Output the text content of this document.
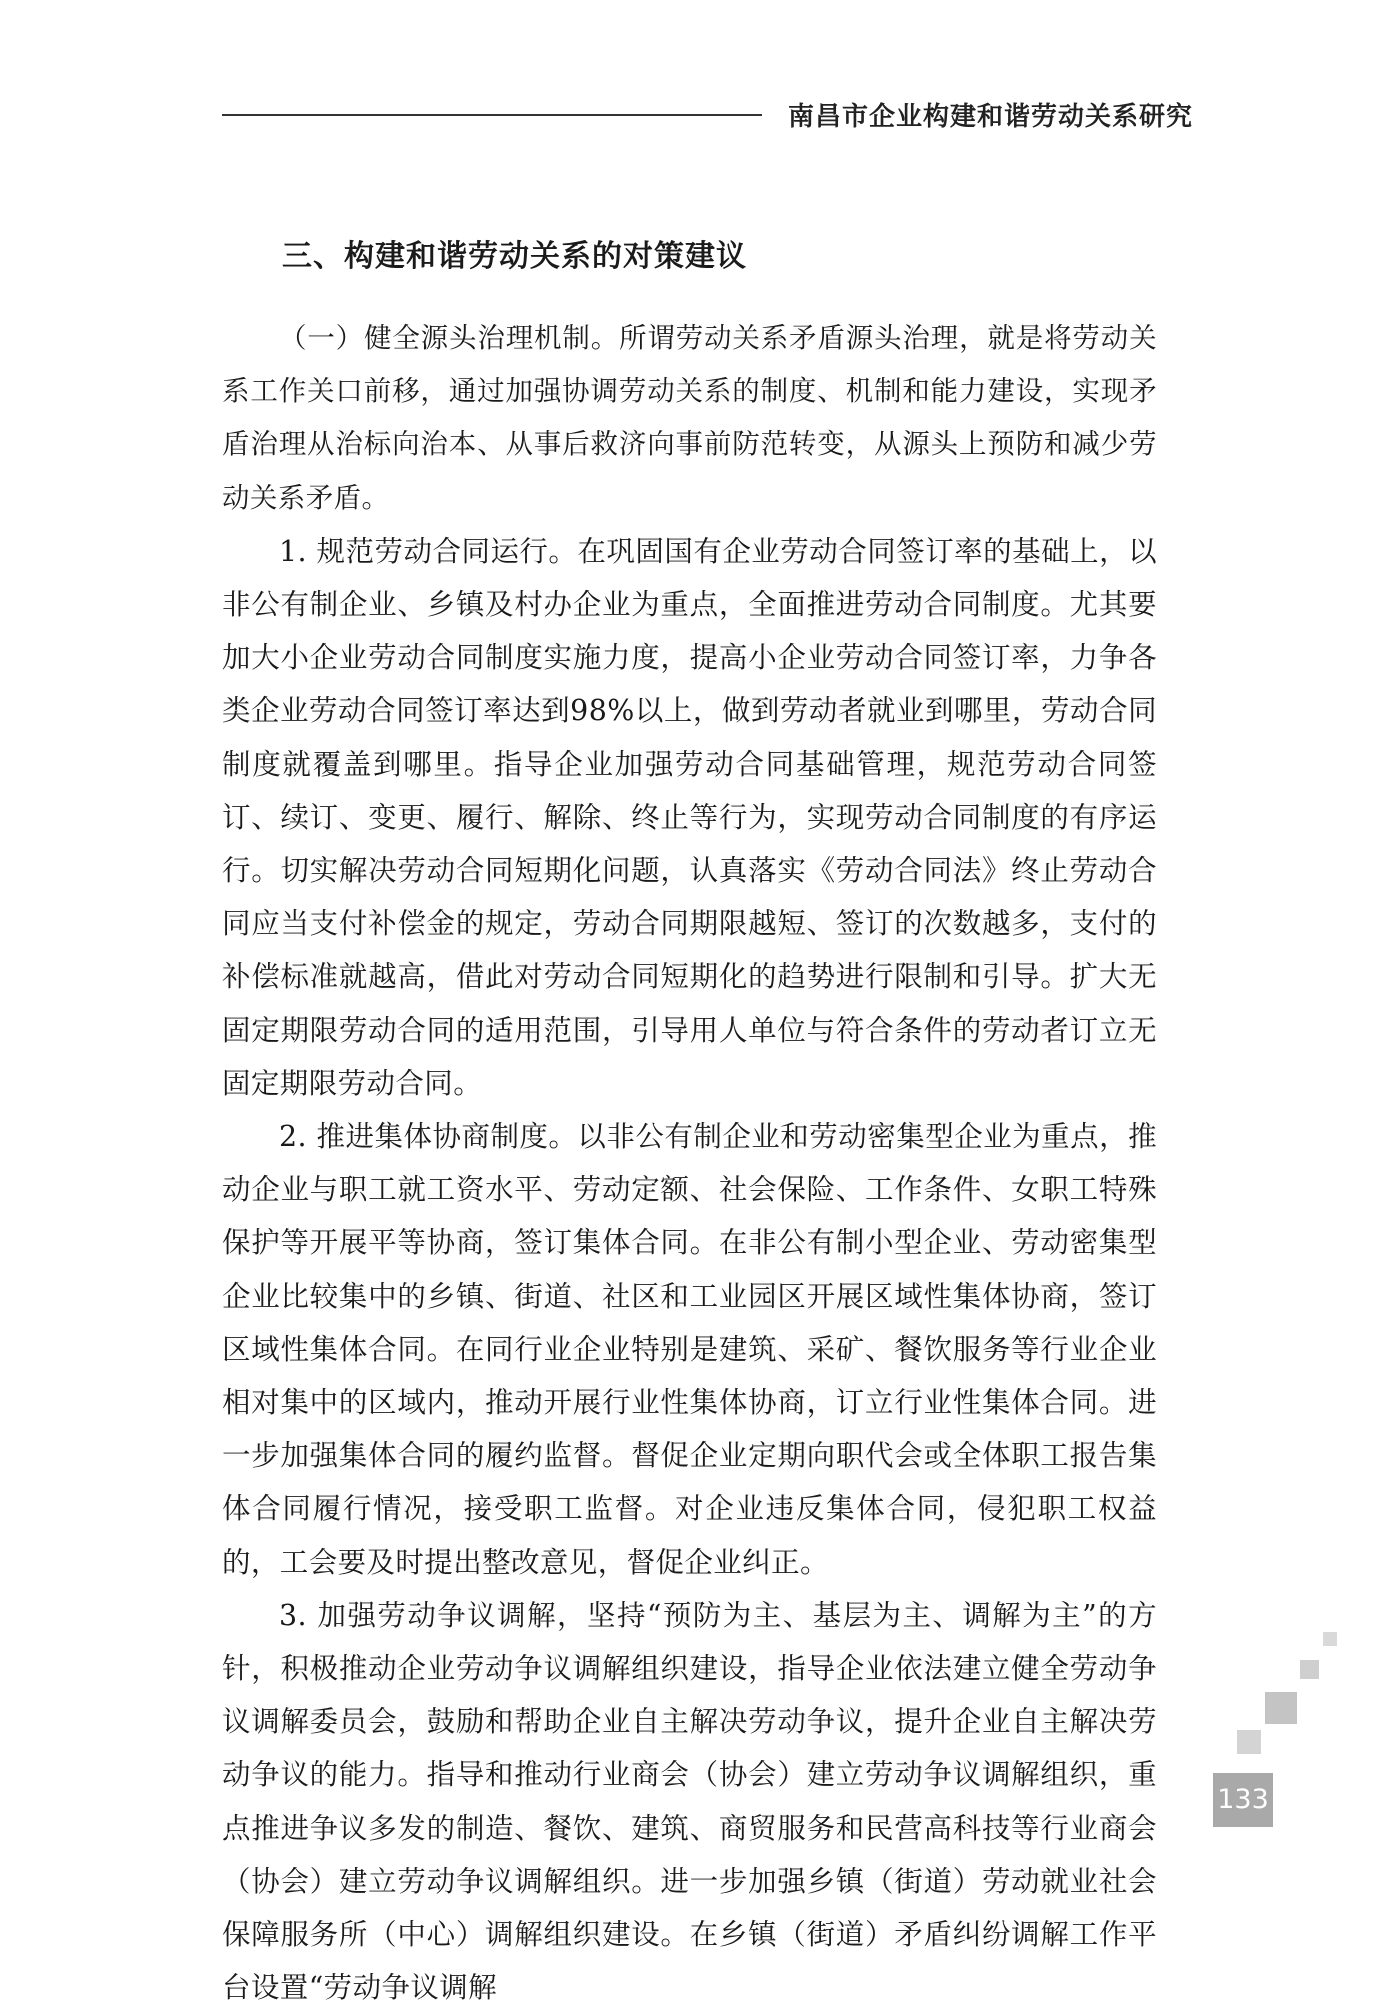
南昌市企业构建和谐劳动关系研究
三、构建和谐劳动关系的对策建议

（一）健全源头治理机制。所谓劳动关系矛盾源头治理，就是将劳动关系工作关口前移，通过加强协调劳动关系的制度、机制和能力建设，实现矛盾治理从治标向治本、从事后救济向事前防范转变，从源头上预防和减少劳动关系矛盾。

1. 规范劳动合同运行。在巩固国有企业劳动合同签订率的基础上，以非公有制企业、乡镇及村办企业为重点，全面推进劳动合同制度。尤其要加大小企业劳动合同制度实施力度，提高小企业劳动合同签订率，力争各类企业劳动合同签订率达到98%以上，做到劳动者就业到哪里，劳动合同制度就覆盖到哪里。指导企业加强劳动合同基础管理，规范劳动合同签订、续订、变更、履行、解除、终止等行为，实现劳动合同制度的有序运行。切实解决劳动合同短期化问题，认真落实《劳动合同法》终止劳动合同应当支付补偿金的规定，劳动合同期限越短、签订的次数越多，支付的补偿标准就越高，借此对劳动合同短期化的趋势进行限制和引导。扩大无固定期限劳动合同的适用范围，引导用人单位与符合条件的劳动者订立无固定期限劳动合同。

2. 推进集体协商制度。以非公有制企业和劳动密集型企业为重点，推动企业与职工就工资水平、劳动定额、社会保险、工作条件、女职工特殊保护等开展平等协商，签订集体合同。在非公有制小型企业、劳动密集型企业比较集中的乡镇、街道、社区和工业园区开展区域性集体协商，签订区域性集体合同。在同行业企业特别是建筑、采矿、餐饮服务等行业企业相对集中的区域内，推动开展行业性集体协商，订立行业性集体合同。进一步加强集体合同的履约监督。督促企业定期向职代会或全体职工报告集体合同履行情况，接受职工监督。对企业违反集体合同，侵犯职工权益的，工会要及时提出整改意见，督促企业纠正。

3. 加强劳动争议调解，坚持“预防为主、基层为主、调解为主”的方针，积极推动企业劳动争议调解组织建设，指导企业依法建立健全劳动争议调解委员会，鼓励和帮助企业自主解决劳动争议，提升企业自主解决劳动争议的能力。指导和推动行业商会（协会）建立劳动争议调解组织，重点推进争议多发的制造、餐饮、建筑、商贸服务和民营高科技等行业商会（协会）建立劳动争议调解组织。进一步加强乡镇（街道）劳动就业社会保障服务所（中心）调解组织建设。在乡镇（街道）矛盾纠纷调解工作平台设置“劳动争议调解

133
